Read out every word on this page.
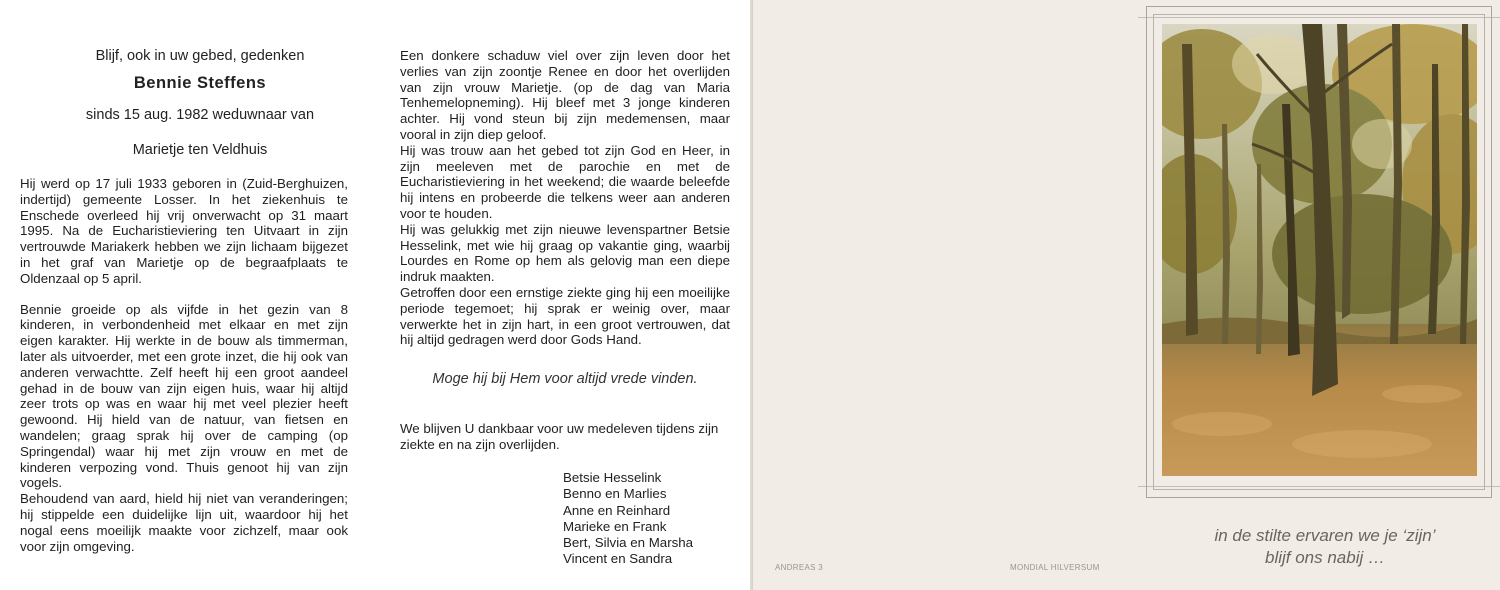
Blijf, ook in uw gebed, gedenken
Bennie Steffens
sinds 15 aug. 1982 weduwnaar van
Marietje ten Veldhuis

Hij werd op 17 juli 1933 geboren in (Zuid-Berghuizen, indertijd) gemeente Losser. In het ziekenhuis te Enschede overleed hij vrij onverwacht op 31 maart 1995. Na de Eucharistieviering ten Uitvaart in zijn vertrouwde Mariakerk hebben we zijn lichaam bijgezet in het graf van Marietje op de begraafplaats te Oldenzaal op 5 april.

Bennie groeide op als vijfde in het gezin van 8 kinderen, in verbondenheid met elkaar en met zijn eigen karakter. Hij werkte in de bouw als timmerman, later als uitvoerder, met een grote inzet, die hij ook van anderen verwachtte. Zelf heeft hij een groot aandeel gehad in de bouw van zijn eigen huis, waar hij altijd zeer trots op was en waar hij met veel plezier heeft gewoond. Hij hield van de natuur, van fietsen en wandelen; graag sprak hij over de camping (op Springendal) waar hij met zijn vrouw en met de kinderen verpozing vond. Thuis genoot hij van zijn vogels.

Behoudend van aard, hield hij niet van veranderingen; hij stippelde een duidelijke lijn uit, waardoor hij het nogal eens moeilijk maakte voor zichzelf, maar ook voor zijn omgeving.

Een donkere schaduw viel over zijn leven door het verlies van zijn zoontje Renee en door het overlijden van zijn vrouw Marietje. (op de dag van Maria Tenhemelopneming). Hij bleef met 3 jonge kinderen achter. Hij vond steun bij zijn medemensen, maar vooral in zijn diep geloof.

Hij was trouw aan het gebed tot zijn God en Heer, in zijn meeleven met de parochie en met de Eucharistieviering in het weekend; die waarde beleefde hij intens en probeerde die telkens weer aan anderen voor te houden.

Hij was gelukkig met zijn nieuwe levenspartner Betsie Hesselink, met wie hij graag op vakantie ging, waarbij Lourdes en Rome op hem als gelovig man een diepe indruk maakten.

Getroffen door een ernstige ziekte ging hij een moeilijke periode tegemoet; hij sprak er weinig over, maar verwerkte het in zijn hart, in een groot vertrouwen, dat hij altijd gedragen werd door Gods Hand.

Moge hij bij Hem voor altijd vrede vinden.
We blijven U dankbaar voor uw medeleven tijdens zijn ziekte en na zijn overlijden.
Betsie Hesselink
Benno en Marlies
Anne en Reinhard
Marieke en Frank
Bert, Silvia en Marsha
Vincent en Sandra
in de stilte ervaren we je ‘zijn’
blijf ons nabij …
ANDREAS 3	MONDIAL HILVERSUM
